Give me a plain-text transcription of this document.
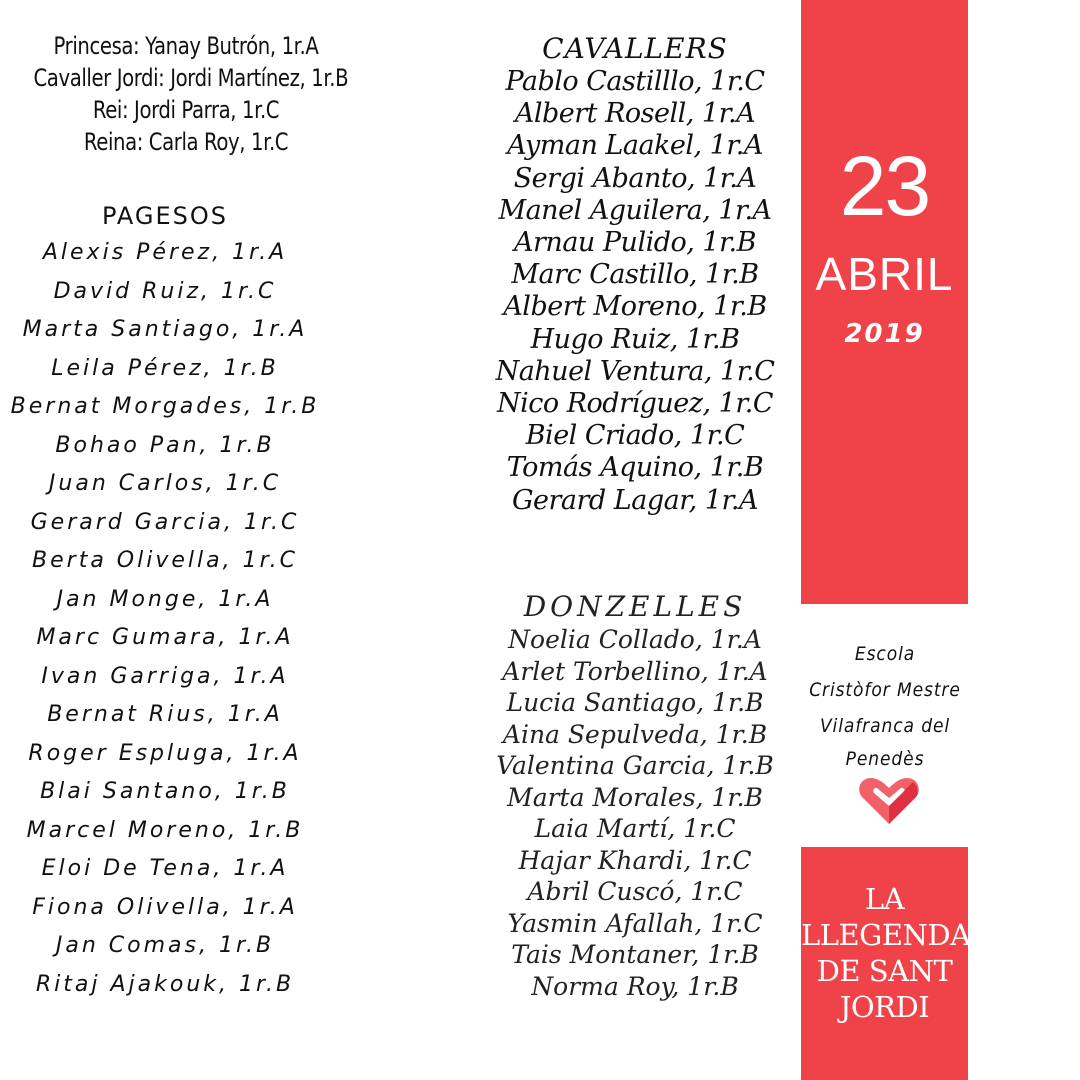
Princesa: Yanay Butrón, 1r.A
Cavaller Jordi: Jordi Martínez, 1r.B
Rei: Jordi Parra, 1r.C
Reina: Carla Roy, 1r.C
PAGESOS
Alexis Pérez, 1r.A
David Ruiz, 1r.C
Marta Santiago, 1r.A
Leila Pérez, 1r.B
Bernat Morgades, 1r.B
Bohao Pan, 1r.B
Juan Carlos, 1r.C
Gerard Garcia, 1r.C
Berta Olivella, 1r.C
Jan Monge, 1r.A
Marc Gumara, 1r.A
Ivan Garriga, 1r.A
Bernat Rius, 1r.A
Roger Espluga, 1r.A
Blai Santano, 1r.B
Marcel Moreno, 1r.B
Eloi De Tena, 1r.A
Fiona Olivella, 1r.A
Jan Comas, 1r.B
Ritaj Ajakouk, 1r.B
CAVALLERS
Pablo Castilllo, 1r.C
Albert Rosell, 1r.A
Ayman Laakel, 1r.A
Sergi Abanto, 1r.A
Manel Aguilera, 1r.A
Arnau Pulido, 1r.B
Marc Castillo, 1r.B
Albert Moreno, 1r.B
Hugo Ruiz, 1r.B
Nahuel Ventura, 1r.C
Nico Rodríguez, 1r.C
Biel Criado, 1r.C
Tomás Aquino, 1r.B
Gerard Lagar, 1r.A
DONZELLES
Noelia Collado, 1r.A
Arlet Torbellino, 1r.A
Lucia Santiago, 1r.B
Aina Sepulveda, 1r.B
Valentina Garcia, 1r.B
Marta Morales, 1r.B
Laia Martí, 1r.C
Hajar Khardi, 1r.C
Abril Cuscó, 1r.C
Yasmin Afallah, 1r.C
Tais Montaner, 1r.B
Norma Roy, 1r.B
23
ABRIL
2019
Escola
Cristòfor Mestre
Vilafranca del
Penedès
LA
LLEGENDA
DE SANT
JORDI
